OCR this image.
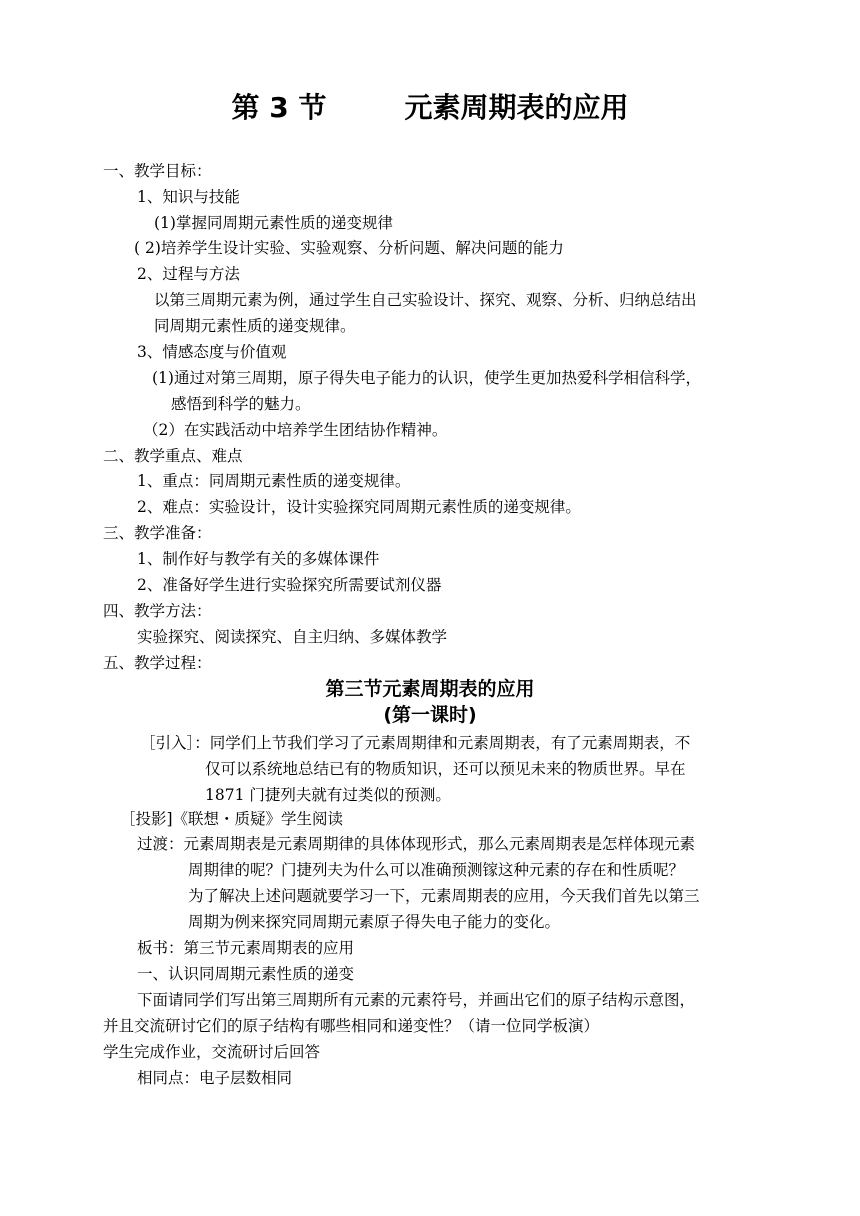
第 3 节        元素周期表的应用
一、教学目标：
1、知识与技能
(1)掌握同周期元素性质的递变规律
( 2)培养学生设计实验、实验观察、分析问题、解决问题的能力
2、过程与方法
以第三周期元素为例，通过学生自己实验设计、探究、观察、分析、归纳总结出
同周期元素性质的递变规律。
3、情感态度与价值观
(1)通过对第三周期，原子得失电子能力的认识，使学生更加热爱科学相信科学，
感悟到科学的魅力。
（2）在实践活动中培养学生团结协作精神。
二、教学重点、难点
1、重点：同周期元素性质的递变规律。
2、难点：实验设计，设计实验探究同周期元素性质的递变规律。
三、教学准备：
1、制作好与教学有关的多媒体课件
2、准备好学生进行实验探究所需要试剂仪器
四、教学方法：
实验探究、阅读探究、自主归纳、多媒体教学
五、教学过程：
第三节元素周期表的应用
(第一课时)
［引入］：同学们上节我们学习了元素周期律和元素周期表，有了元素周期表，不
仅可以系统地总结已有的物质知识，还可以预见未来的物质世界。早在
1871 门捷列夫就有过类似的预测。
［投影]《联想・质疑》学生阅读
过渡：元素周期表是元素周期律的具体体现形式，那么元素周期表是怎样体现元素
周期律的呢？门捷列夫为什么可以准确预测镓这种元素的存在和性质呢？
为了解决上述问题就要学习一下，元素周期表的应用，今天我们首先以第三
周期为例来探究同周期元素原子得失电子能力的变化。
板书：第三节元素周期表的应用
一、认识同周期元素性质的递变
下面请同学们写出第三周期所有元素的元素符号，并画出它们的原子结构示意图，
并且交流研讨它们的原子结构有哪些相同和递变性？（请一位同学板演）
学生完成作业，交流研讨后回答
相同点：电子层数相同
